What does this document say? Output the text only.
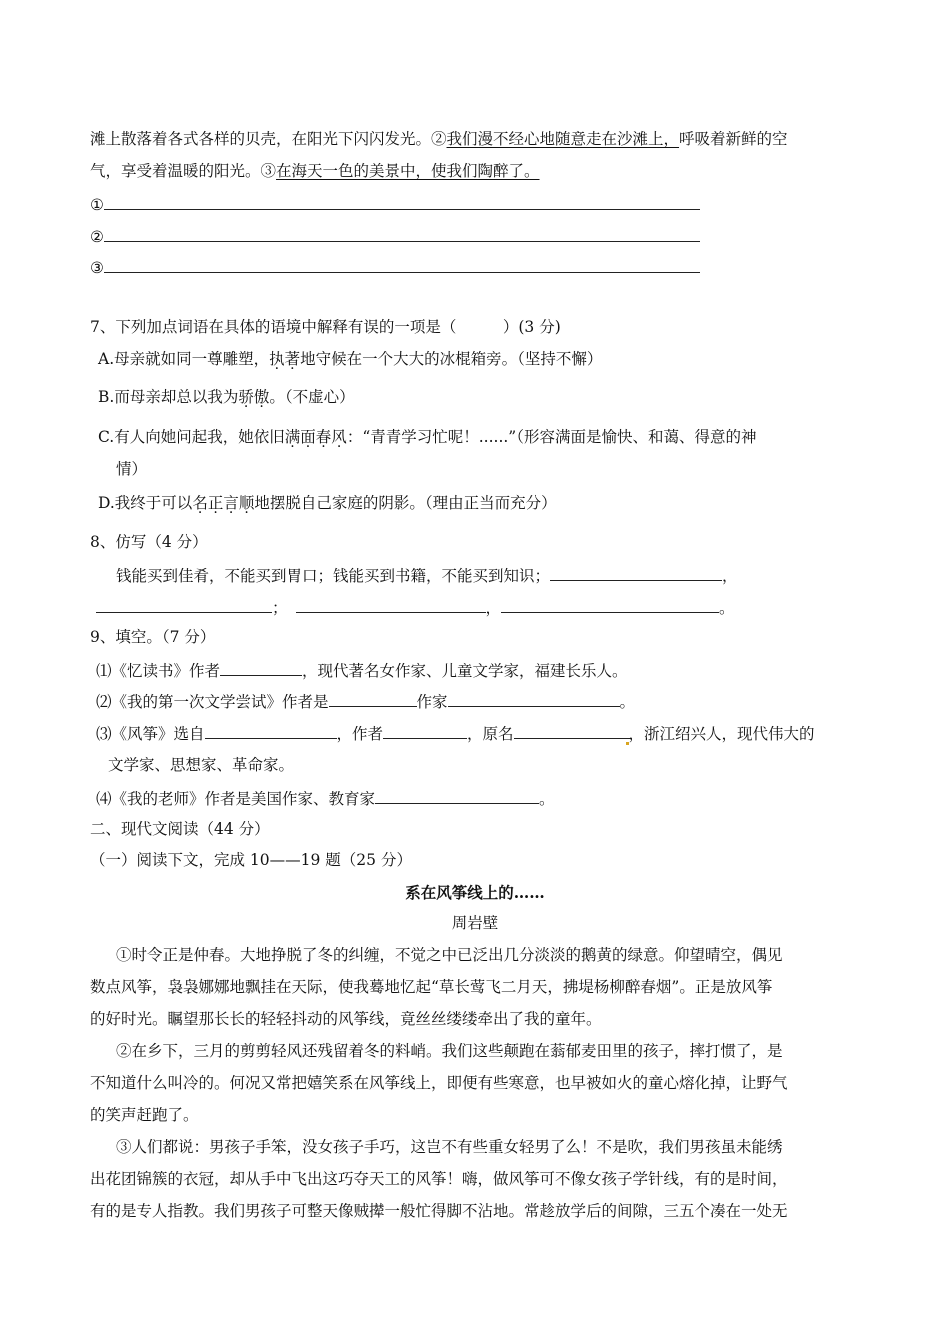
滩上散落着各式各样的贝壳，在阳光下闪闪发光。②我们漫不经心地随意走在沙滩上，呼吸着新鲜的空
气，享受着温暖的阳光。③在海天一色的美景中，使我们陶醉了。
①
②
③
7、下列加点词语在具体的语境中解释有误的一项是（　　　）(3 分)
A.母亲就如同一尊雕塑，执著地守候在一个大大的冰棍箱旁。（坚持不懈）
B.而母亲却总以我为骄傲。（不虚心）
C.有人向她问起我，她依旧满面春风：“青青学习忙呢！......”（形容满面是愉快、和蔼、得意的神
情）
D.我终于可以名正言顺地摆脱自己家庭的阴影。（理由正当而充分）
8、仿写（4 分）
钱能买到佳肴，不能买到胃口；钱能买到书籍，不能买到知识；	，
；	，	。
9、填空。（7 分）
⑴《忆读书》作者	，现代著名女作家、儿童文学家，福建长乐人。
⑵《我的第一次文学尝试》作者是	作家	。
⑶《风筝》选自	，作者	，原名	，浙江绍兴人，现代伟大的
文学家、思想家、革命家。
⑷《我的老师》作者是美国作家、教育家	。
二、现代文阅读（44 分）
（一）阅读下文，完成 10——19 题（25 分）
系在风筝线上的……
周岩壁
①时令正是仲春。大地挣脱了冬的纠缠，不觉之中已泛出几分淡淡的鹅黄的绿意。仰望晴空，偶见
数点风筝，袅袅娜娜地飘挂在天际，使我蓦地忆起“草长莺飞二月天，拂堤杨柳醉春烟”。正是放风筝
的好时光。瞩望那长长的轻轻抖动的风筝线，竟丝丝缕缕牵出了我的童年。
②在乡下，三月的剪剪轻风还残留着冬的料峭。我们这些颠跑在蓊郁麦田里的孩子，摔打惯了，是
不知道什么叫冷的。何况又常把嬉笑系在风筝线上，即便有些寒意，也早被如火的童心熔化掉，让野气
的笑声赶跑了。
③人们都说：男孩子手笨，没女孩子手巧，这岂不有些重女轻男了么！不是吹，我们男孩虽未能绣
出花团锦簇的衣冠，却从手中飞出这巧夺天工的风筝！嗨，做风筝可不像女孩子学针线，有的是时间，
有的是专人指教。我们男孩子可整天像贼撵一般忙得脚不沾地。常趁放学后的间隙，三五个凑在一处无
